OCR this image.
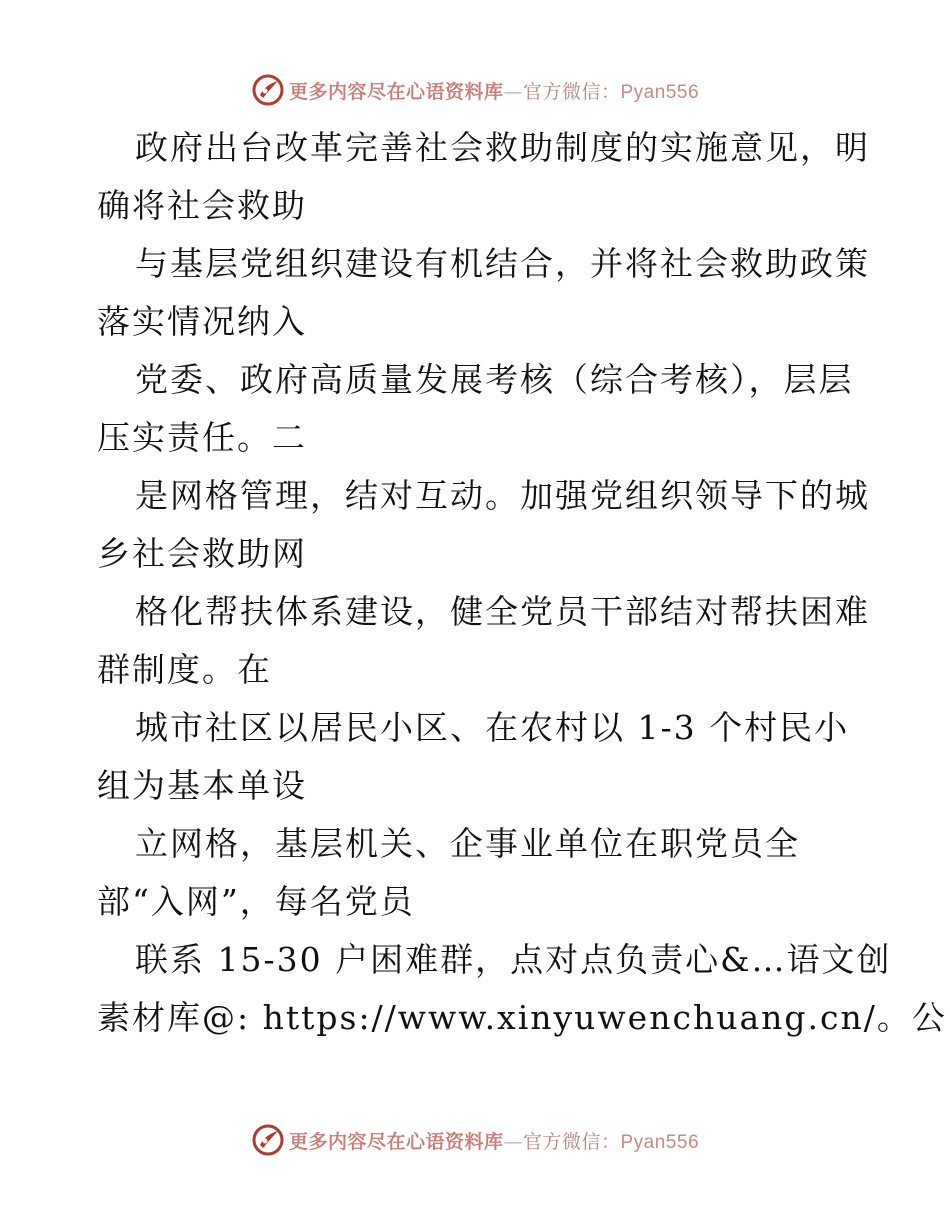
更多内容尽在心语资料库—官方微信：Pyan556
政府出台改革完善社会救助制度的实施意见，明
确将社会救助
与基层党组织建设有机结合，并将社会救助政策
落实情况纳入
党委、政府高质量发展考核（综合考核），层层
压实责任。二
是网格管理，结对互动。加强党组织领导下的城
乡社会救助网
格化帮扶体系建设，健全党员干部结对帮扶困难
群制度。在
城市社区以居民小区、在农村以 1-3 个村民小
组为基本单设
立网格，基层机关、企事业单位在职党员全
部“入网”，每名党员
联系 15-30 户困难群，点对点负责心&…语文创
素材库@: https://www.xinyuwenchuang.cn/。公
更多内容尽在心语资料库—官方微信：Pyan556
